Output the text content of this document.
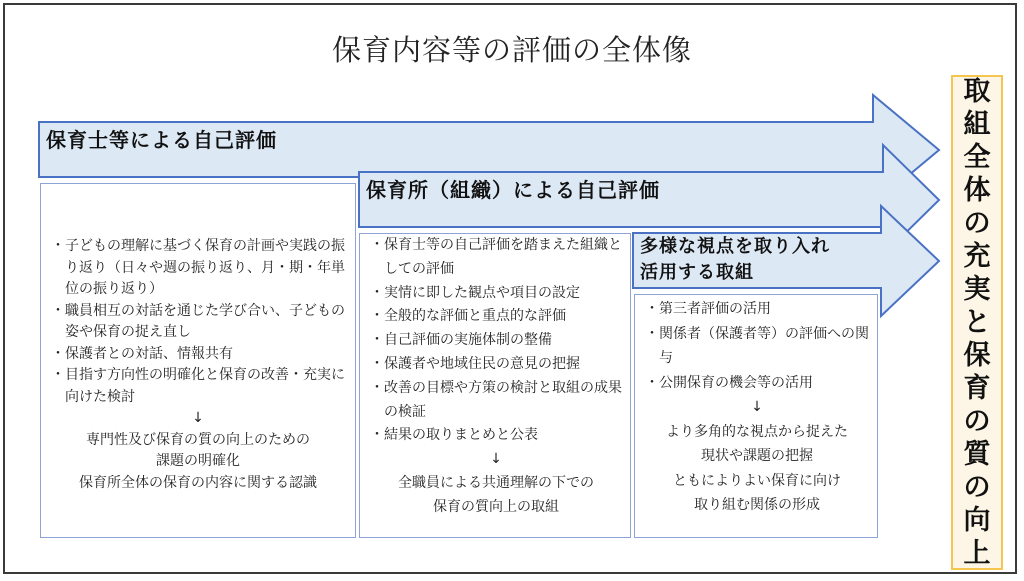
保育内容等の評価の全体像
保育士等による自己評価
保育所（組織）による自己評価
多様な視点を取り入れ
活用する取組
・ 子どもの理解に基づく保育の計画や実践の振り返り（日々や週の振り返り、月・期・年単位の振り返り）
・ 職員相互の対話を通じた学び合い、子どもの姿や保育の捉え直し
・ 保護者との対話、情報共有
・ 目指す方向性の明確化と保育の改善・充実に向けた検討
↓
専門性及び保育の質の向上のための
課題の明確化
保育所全体の保育の内容に関する認識
・ 保育士等の自己評価を踏まえた組織としての評価
・ 実情に即した観点や項目の設定
・ 全般的な評価と重点的な評価
・ 自己評価の実施体制の整備
・ 保護者や地域住民の意見の把握
・ 改善の目標や方策の検討と取組の成果の検証
・ 結果の取りまとめと公表
↓
全職員による共通理解の下での
保育の質向上の取組
・ 第三者評価の活用
・ 関係者（保護者等）の評価への関与
・ 公開保育の機会等の活用
↓
より多角的な視点から捉えた
現状や課題の把握
ともによりよい保育に向け
取り組む関係の形成
取
組
全
体
の
充
実
と
保
育
の
質
の
向
上
